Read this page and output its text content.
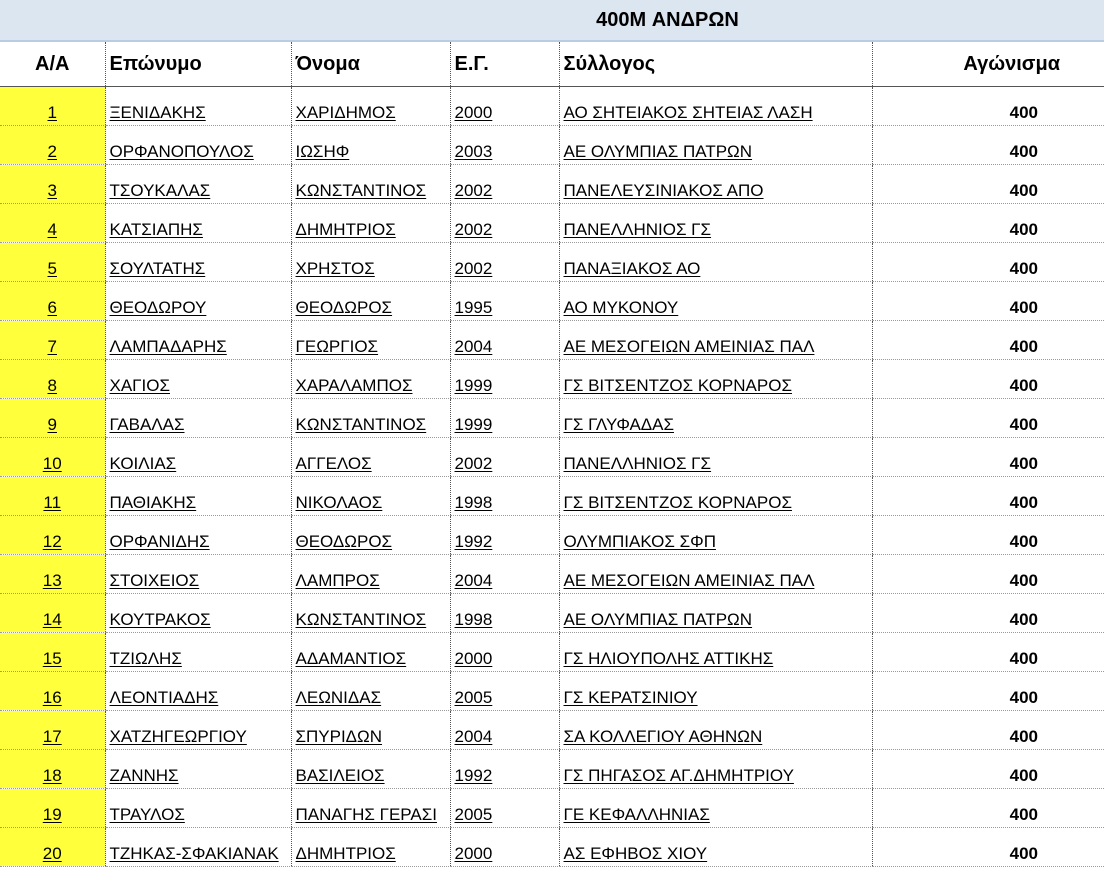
400M ΑΝΔΡΩΝ
Α/Α	Επώνυμο	Όνομα	Ε.Γ.	Σύλλογος	Αγώνισμα
1	ΞΕΝΙΔΑΚΗΣ	ΧΑΡΙΔΗΜΟΣ	2000	ΑΟ ΣΗΤΕΙΑΚΟΣ ΣΗΤΕΙΑΣ ΛΑΣΗ	400
2	ΟΡΦΑΝΟΠΟΥΛΟΣ	ΙΩΣΗΦ	2003	ΑΕ ΟΛΥΜΠΙΑΣ ΠΑΤΡΩΝ	400
3	ΤΣΟΥΚΑΛΑΣ	ΚΩΝΣΤΑΝΤΙΝΟΣ	2002	ΠΑΝΕΛΕΥΣΙΝΙΑΚΟΣ ΑΠΟ	400
4	ΚΑΤΣΙΑΠΗΣ	ΔΗΜΗΤΡΙΟΣ	2002	ΠΑΝΕΛΛΗΝΙΟΣ ΓΣ	400
5	ΣΟΥΛΤΑΤΗΣ	ΧΡΗΣΤΟΣ	2002	ΠΑΝΑΞΙΑΚΟΣ ΑΟ	400
6	ΘΕΟΔΩΡΟΥ	ΘΕΟΔΩΡΟΣ	1995	ΑΟ ΜΥΚΟΝΟΥ	400
7	ΛΑΜΠΑΔΑΡΗΣ	ΓΕΩΡΓΙΟΣ	2004	ΑΕ ΜΕΣΟΓΕΙΩΝ ΑΜΕΙΝΙΑΣ ΠΑΛ	400
8	ΧΑΓΙΟΣ	ΧΑΡΑΛΑΜΠΟΣ	1999	ΓΣ ΒΙΤΣΕΝΤΖΟΣ ΚΟΡΝΑΡΟΣ	400
9	ΓΑΒΑΛΑΣ	ΚΩΝΣΤΑΝΤΙΝΟΣ	1999	ΓΣ ΓΛΥΦΑΔΑΣ	400
10	ΚΟΙΛΙΑΣ	ΑΓΓΕΛΟΣ	2002	ΠΑΝΕΛΛΗΝΙΟΣ ΓΣ	400
11	ΠΑΘΙΑΚΗΣ	ΝΙΚΟΛΑΟΣ	1998	ΓΣ ΒΙΤΣΕΝΤΖΟΣ ΚΟΡΝΑΡΟΣ	400
12	ΟΡΦΑΝΙΔΗΣ	ΘΕΟΔΩΡΟΣ	1992	ΟΛΥΜΠΙΑΚΟΣ ΣΦΠ	400
13	ΣΤΟΙΧΕΙΟΣ	ΛΑΜΠΡΟΣ	2004	ΑΕ ΜΕΣΟΓΕΙΩΝ ΑΜΕΙΝΙΑΣ ΠΑΛ	400
14	ΚΟΥΤΡΑΚΟΣ	ΚΩΝΣΤΑΝΤΙΝΟΣ	1998	ΑΕ ΟΛΥΜΠΙΑΣ ΠΑΤΡΩΝ	400
15	ΤΖΙΩΛΗΣ	ΑΔΑΜΑΝΤΙΟΣ	2000	ΓΣ ΗΛΙΟΥΠΟΛΗΣ ΑΤΤΙΚΗΣ	400
16	ΛΕΟΝΤΙΑΔΗΣ	ΛΕΩΝΙΔΑΣ	2005	ΓΣ ΚΕΡΑΤΣΙΝΙΟΥ	400
17	ΧΑΤΖΗΓΕΩΡΓΙΟΥ	ΣΠΥΡΙΔΩΝ	2004	ΣΑ ΚΟΛΛΕΓΙΟΥ ΑΘΗΝΩΝ	400
18	ΖΑΝΝΗΣ	ΒΑΣΙΛΕΙΟΣ	1992	ΓΣ ΠΗΓΑΣΟΣ ΑΓ.ΔΗΜΗΤΡΙΟΥ	400
19	ΤΡΑΥΛΟΣ	ΠΑΝΑΓΗΣ ΓΕΡΑΣΙ	2005	ΓΕ ΚΕΦΑΛΛΗΝΙΑΣ	400
20	ΤΖΗΚΑΣ-ΣΦΑΚΙΑΝΑΚ	ΔΗΜΗΤΡΙΟΣ	2000	ΑΣ ΕΦΗΒΟΣ ΧΙΟΥ	400
